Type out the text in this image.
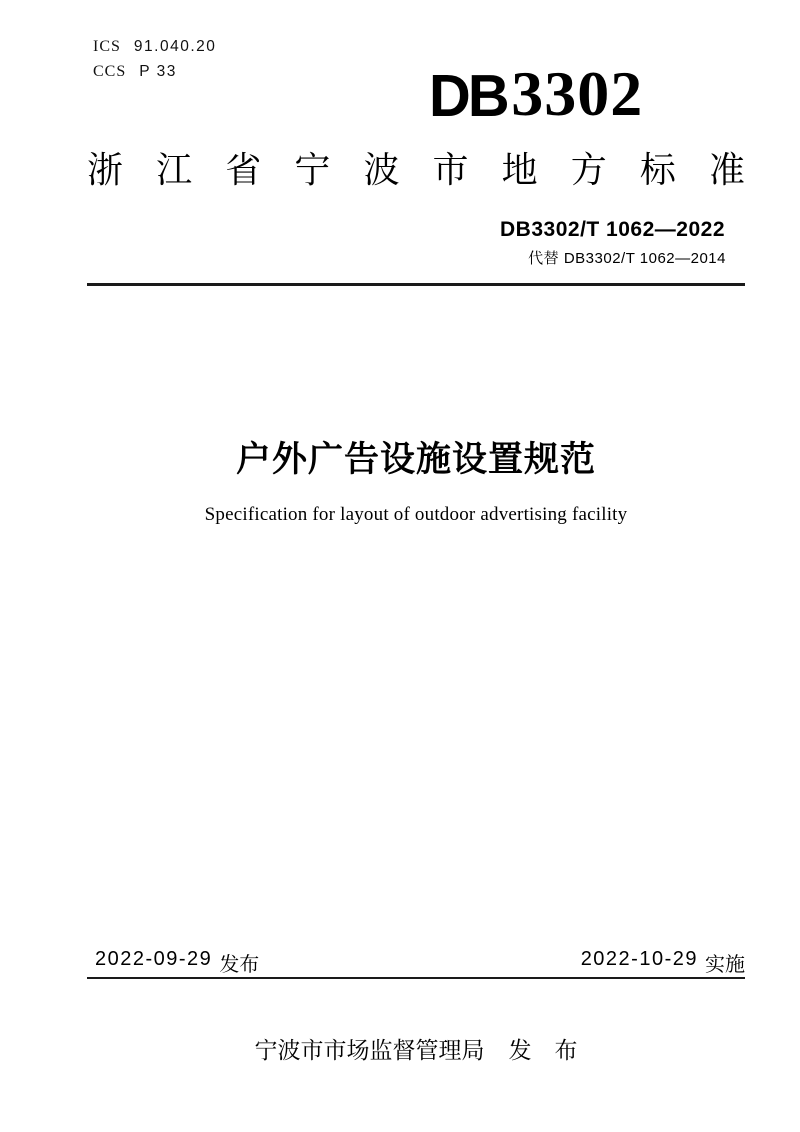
ICS 91.040.20
CCS P 33	DB 3302
浙 江 省 宁 波 市 地 方 标 准
DB3302/T 1062—2022
代替 DB3302/T 1062—2014
户外广告设施设置规范
Specification for layout of outdoor advertising facility
2022-09-29 发布	2022-10-29 实施
宁波市市场监督管理局 发　布
